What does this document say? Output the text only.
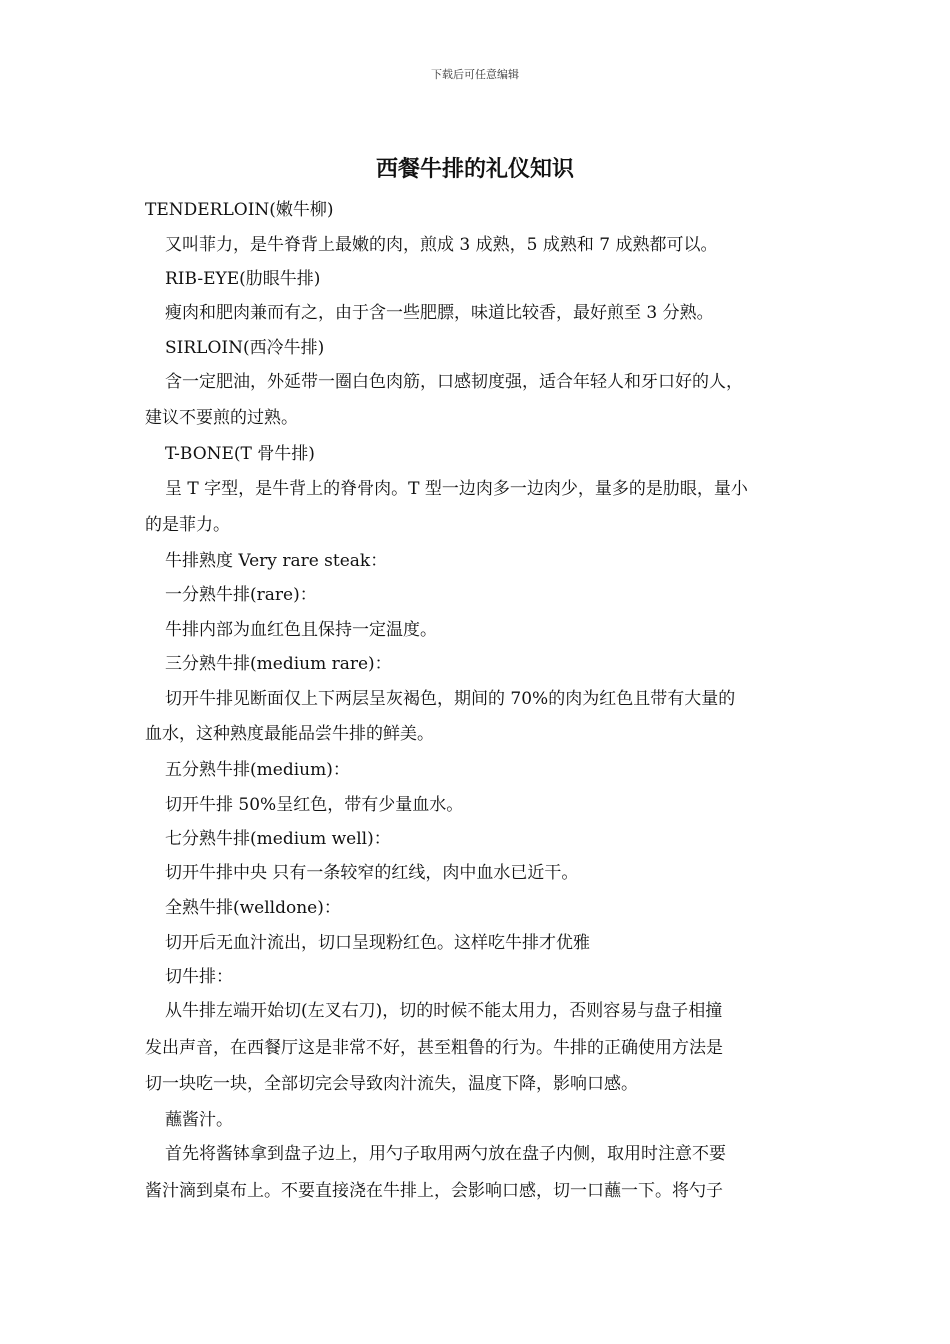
下载后可任意编辑
西餐牛排的礼仪知识
TENDERLOIN(嫩牛柳)
又叫菲力，是牛脊背上最嫩的肉，煎成 3 成熟，5 成熟和 7 成熟都可以。
RIB-EYE(肋眼牛排)
瘦肉和肥肉兼而有之，由于含一些肥膘，味道比较香，最好煎至 3 分熟。
SIRLOIN(西冷牛排)
含一定肥油，外延带一圈白色肉筋，口感韧度强，适合年轻人和牙口好的人，
建议不要煎的过熟。
T-BONE(T 骨牛排)
呈 T 字型，是牛背上的脊骨肉。T 型一边肉多一边肉少，量多的是肋眼，量小
的是菲力。
牛排熟度 Very rare steak：
一分熟牛排(rare)：
牛排内部为血红色且保持一定温度。
三分熟牛排(medium rare)：
切开牛排见断面仅上下两层呈灰褐色，期间的 70%的肉为红色且带有大量的
血水，这种熟度最能品尝牛排的鲜美。
五分熟牛排(medium)：
切开牛排 50%呈红色，带有少量血水。
七分熟牛排(medium well)：
切开牛排中央 只有一条较窄的红线，肉中血水已近干。
全熟牛排(welldone)：
切开后无血汁流出，切口呈现粉红色。这样吃牛排才优雅
切牛排：
从牛排左端开始切(左叉右刀)，切的时候不能太用力，否则容易与盘子相撞
发出声音，在西餐厅这是非常不好，甚至粗鲁的行为。牛排的正确使用方法是
切一块吃一块，全部切完会导致肉汁流失，温度下降，影响口感。
蘸酱汁。
首先将酱钵拿到盘子边上，用勺子取用两勺放在盘子内侧，取用时注意不要
酱汁滴到桌布上。不要直接浇在牛排上，会影响口感，切一口蘸一下。将勺子
